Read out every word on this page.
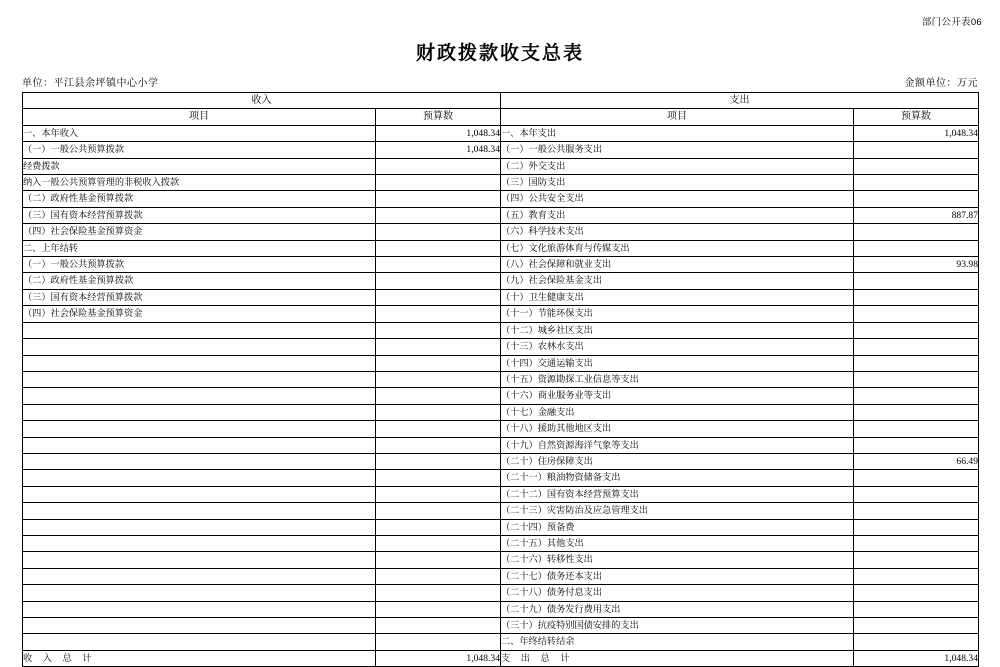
部门公开表06
财政拨款收支总表
单位：平江县余坪镇中心小学	金额单位：万元
收入		支出	
项目	预算数	项目	预算数
一、本年收入	1,048.34	一、本年支出	1,048.34
（一）一般公共预算拨款	1,048.34	（一）一般公共服务支出	
经费拨款		（二）外交支出	
纳入一般公共预算管理的非税收入拨款		（三）国防支出	
（二）政府性基金预算拨款		（四）公共安全支出	
（三）国有资本经营预算拨款		（五）教育支出	887.87
（四）社会保险基金预算资金		（六）科学技术支出	
二、上年结转		（七）文化旅游体育与传媒支出	
（一）一般公共预算拨款		（八）社会保障和就业支出	93.98
（二）政府性基金预算拨款		（九）社会保险基金支出	
（三）国有资本经营预算拨款		（十）卫生健康支出	
（四）社会保险基金预算资金		（十一）节能环保支出	
		（十二）城乡社区支出	
		（十三）农林水支出	
		（十四）交通运输支出	
		（十五）资源勘探工业信息等支出	
		（十六）商业服务业等支出	
		（十七）金融支出	
		（十八）援助其他地区支出	
		（十九）自然资源海洋气象等支出	
		（二十）住房保障支出	66.49
		（二十一）粮油物资储备支出	
		（二十二）国有资本经营预算支出	
		（二十三）灾害防治及应急管理支出	
		（二十四）预备费	
		（二十五）其他支出	
		（二十六）转移性支出	
		（二十七）债务还本支出	
		（二十八）债务付息支出	
		（二十九）债务发行费用支出	
		（三十）抗疫特别国债安排的支出	
		二、年终结转结余	
收 入 总 计	1,048.34	支 出 总 计	1,048.34
